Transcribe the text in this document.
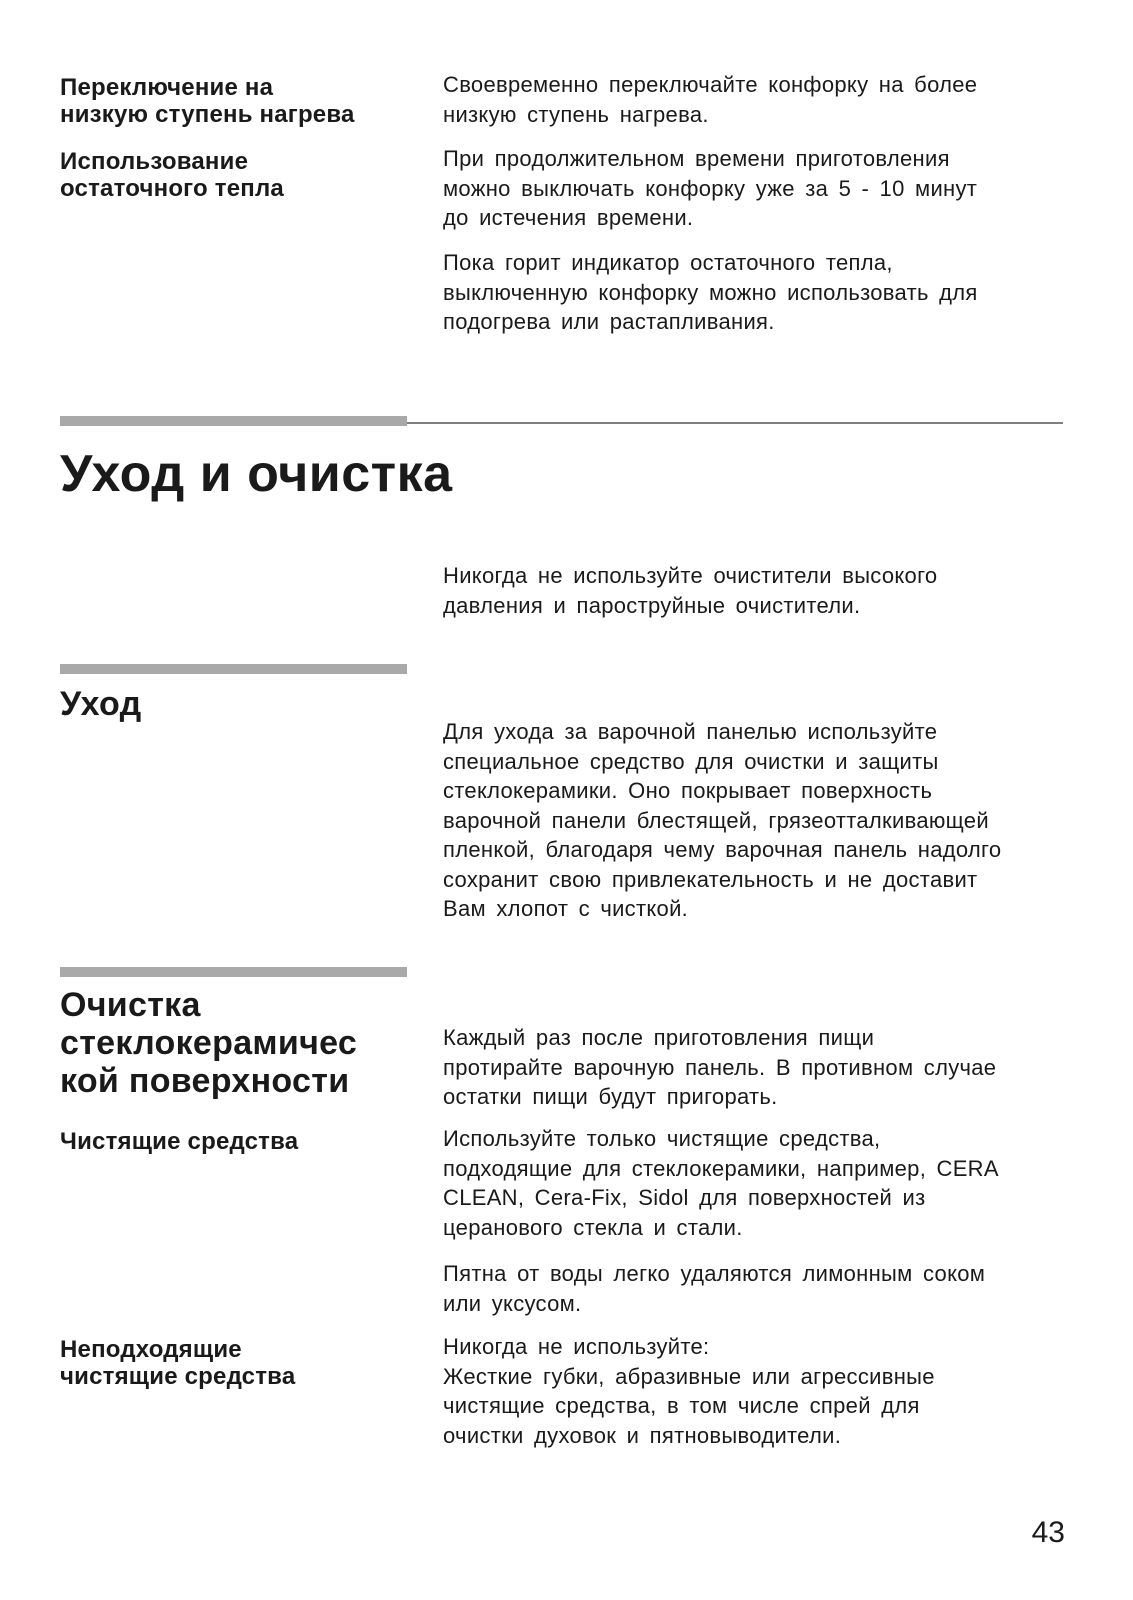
Переключение на
низкую ступень нагрева
Своевременно переключайте конфорку на более
низкую ступень нагрева.
Использование
остаточного тепла
При продолжительном времени приготовления
можно выключать конфорку уже за 5 - 10 минут
до истечения времени.
Пока горит индикатор остаточного тепла,
выключенную конфорку можно использовать для
подогрева или растапливания.
Уход и очистка
Никогда не используйте очистители высокого
давления и пароструйные очистители.
Уход
Для ухода за варочной панелью используйте
специальное средство для очистки и защиты
стеклокерамики. Оно покрывает поверхность
варочной панели блестящей, грязеотталкивающей
пленкой, благодаря чему варочная панель надолго
сохранит свою привлекательность и не доставит
Вам хлопот с чисткой.
Очистка
стеклокерамичес
кой поверхности
Каждый раз после приготовления пищи
протирайте варочную панель. В противном случае
остатки пищи будут пригорать.
Чистящие средства	Используйте только чистящие средства,
подходящие для стеклокерамики, например, CERA
CLEAN, Cera-Fix, Sidol для поверхностей из
церанового стекла и стали.
Пятна от воды легко удаляются лимонным соком
или уксусом.
Неподходящие
чистящие средства
Никогда не используйте:
Жесткие губки, абразивные или агрессивные
чистящие средства, в том числе спрей для
очистки духовок и пятновыводители.
43
